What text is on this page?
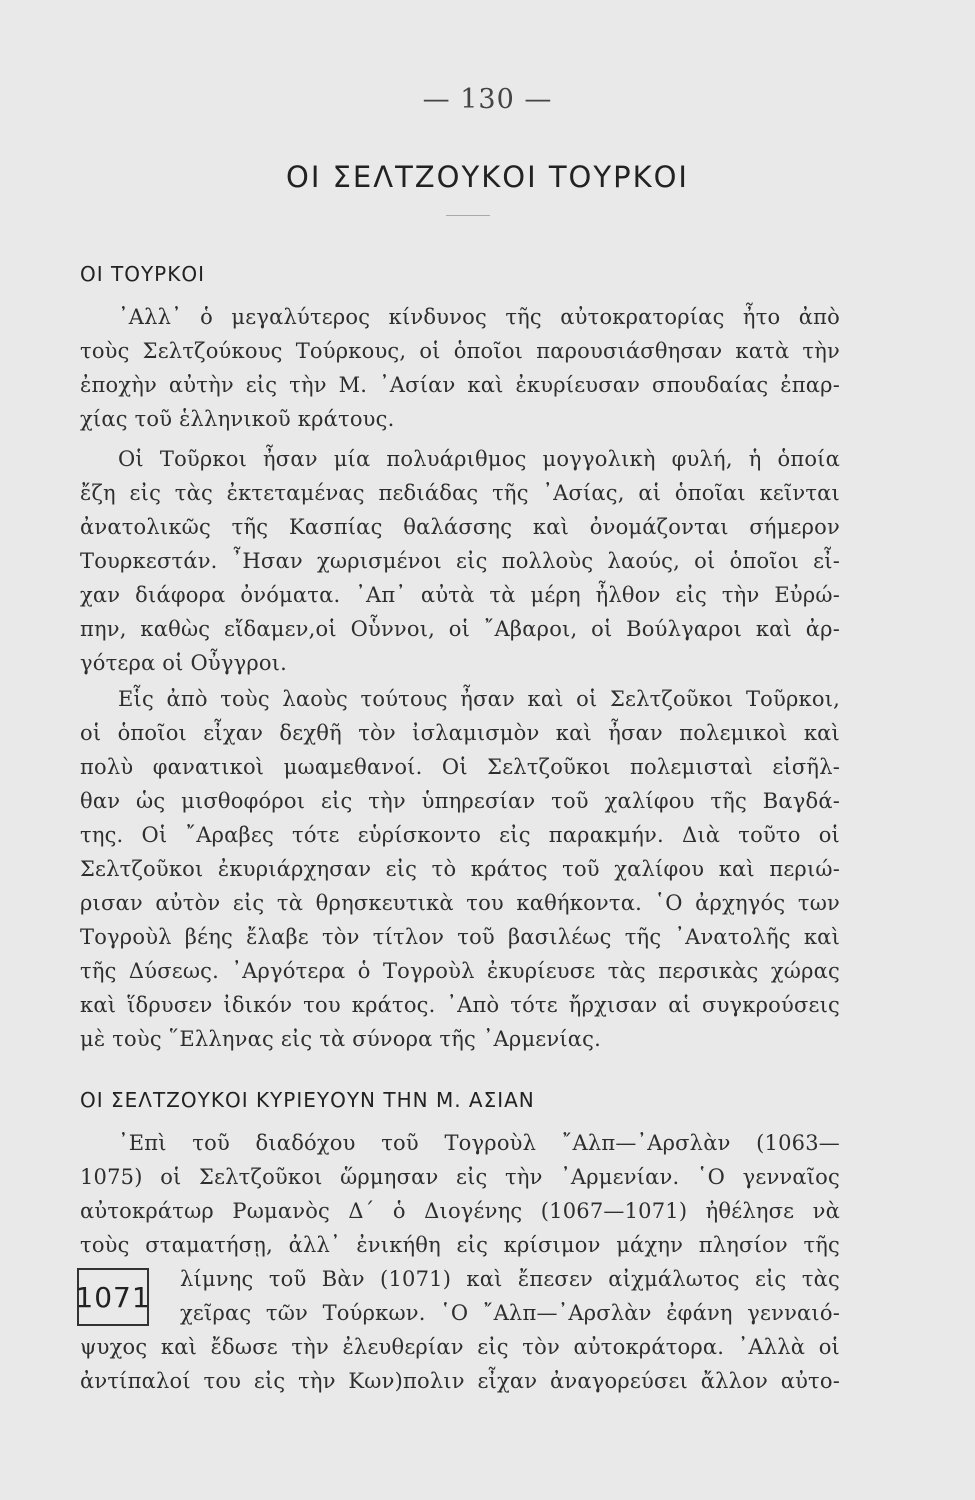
— 130 —
ΟΙ ΣΕΛΤΖΟΥΚΟΙ ΤΟΥΡΚΟΙ
ΟΙ ΤΟΥΡΚΟΙ
᾿Αλλ᾿ ὁ μεγαλύτερος κίνδυνος τῆς αὐτοκρατορίας ἦτο ἀπὸ
τοὺς Σελτζούκους Τούρκους, οἱ ὁποῖοι παρουσιάσθησαν κατὰ τὴν
ἐποχὴν αὐτὴν εἰς τὴν Μ. ᾿Ασίαν καὶ ἐκυρίευσαν σπουδαίας ἐπαρ-
χίας τοῦ ἑλληνικοῦ κράτους.
Οἱ Τοῦρκοι ἦσαν μία πολυάριθμος μογγολικὴ φυλή, ἡ ὁποία
ἔζη εἰς τὰς ἐκτεταμένας πεδιάδας τῆς ᾿Ασίας, αἱ ὁποῖαι κεῖνται
ἀνατολικῶς τῆς Κασπίας θαλάσσης καὶ ὀνομάζονται σήμερον
Τουρκεστάν. ῏Ησαν χωρισμένοι εἰς πολλοὺς λαούς, οἱ ὁποῖοι εἶ-
χαν διάφορα ὀνόματα. ᾿Απ᾿ αὐτὰ τὰ μέρη ἦλθον εἰς τὴν Εὐρώ-
πην, καθὼς εἴδαμεν,οἱ Οὗννοι, οἱ ῎Αβαροι, οἱ Βούλγαροι καὶ ἀρ-
γότερα οἱ Οὖγγροι.
Εἷς ἀπὸ τοὺς λαοὺς τούτους ἦσαν καὶ οἱ Σελτζοῦκοι Τοῦρκοι,
οἱ ὁποῖοι εἶχαν δεχθῆ τὸν ἰσλαμισμὸν καὶ ἦσαν πολεμικοὶ καὶ
πολὺ φανατικοὶ μωαμεθανοί. Οἱ Σελτζοῦκοι πολεμισταὶ εἰσῆλ-
θαν ὡς μισθοφόροι εἰς τὴν ὑπηρεσίαν τοῦ χαλίφου τῆς Βαγδά-
της. Οἱ ῎Αραβες τότε εὑρίσκοντο εἰς παρακμήν. Διὰ τοῦτο οἱ
Σελτζοῦκοι ἐκυριάρχησαν εἰς τὸ κράτος τοῦ χαλίφου καὶ περιώ-
ρισαν αὐτὸν εἰς τὰ θρησκευτικὰ του καθήκοντα. ῾Ο ἀρχηγός των
Τογροὺλ βέης ἔλαβε τὸν τίτλον τοῦ βασιλέως τῆς ᾿Ανατολῆς καὶ
τῆς Δύσεως. ᾿Αργότερα ὁ Τογροὺλ ἐκυρίευσε τὰς περσικὰς χώρας
καὶ ἵδρυσεν ἰδικόν του κράτος. ᾿Απὸ τότε ἤρχισαν αἱ συγκρούσεις
μὲ τοὺς ῞Ελληνας εἰς τὰ σύνορα τῆς ᾿Αρμενίας.
ΟΙ ΣΕΛΤΖΟΥΚΟΙ ΚΥΡΙΕΥΟΥΝ ΤΗΝ Μ. ΑΣΙΑΝ
᾿Επὶ τοῦ διαδόχου τοῦ Τογροὺλ ῎Αλπ—᾿Αρσλὰν (1063—
1075) οἱ Σελτζοῦκοι ὥρμησαν εἰς τὴν ᾿Αρμενίαν. ῾Ο γενναῖος
αὐτοκράτωρ Ρωμανὸς Δ΄ ὁ Διογένης (1067—1071) ἠθέλησε νὰ
τοὺς σταματήσῃ, ἀλλ᾿ ἐνικήθη εἰς κρίσιμον μάχην πλησίον τῆς
λίμνης τοῦ Βὰν (1071) καὶ ἔπεσεν αἰχμάλωτος εἰς τὰς
χεῖρας τῶν Τούρκων. ῾Ο ῎Αλπ—᾿Αρσλὰν ἐφάνη γενναιό-
ψυχος καὶ ἔδωσε τὴν ἐλευθερίαν εἰς τὸν αὐτοκράτορα. ᾿Αλλὰ οἱ
ἀντίπαλοί του εἰς τὴν Κων)πολιν εἶχαν ἀναγορεύσει ἄλλον αὐτο-
1071
